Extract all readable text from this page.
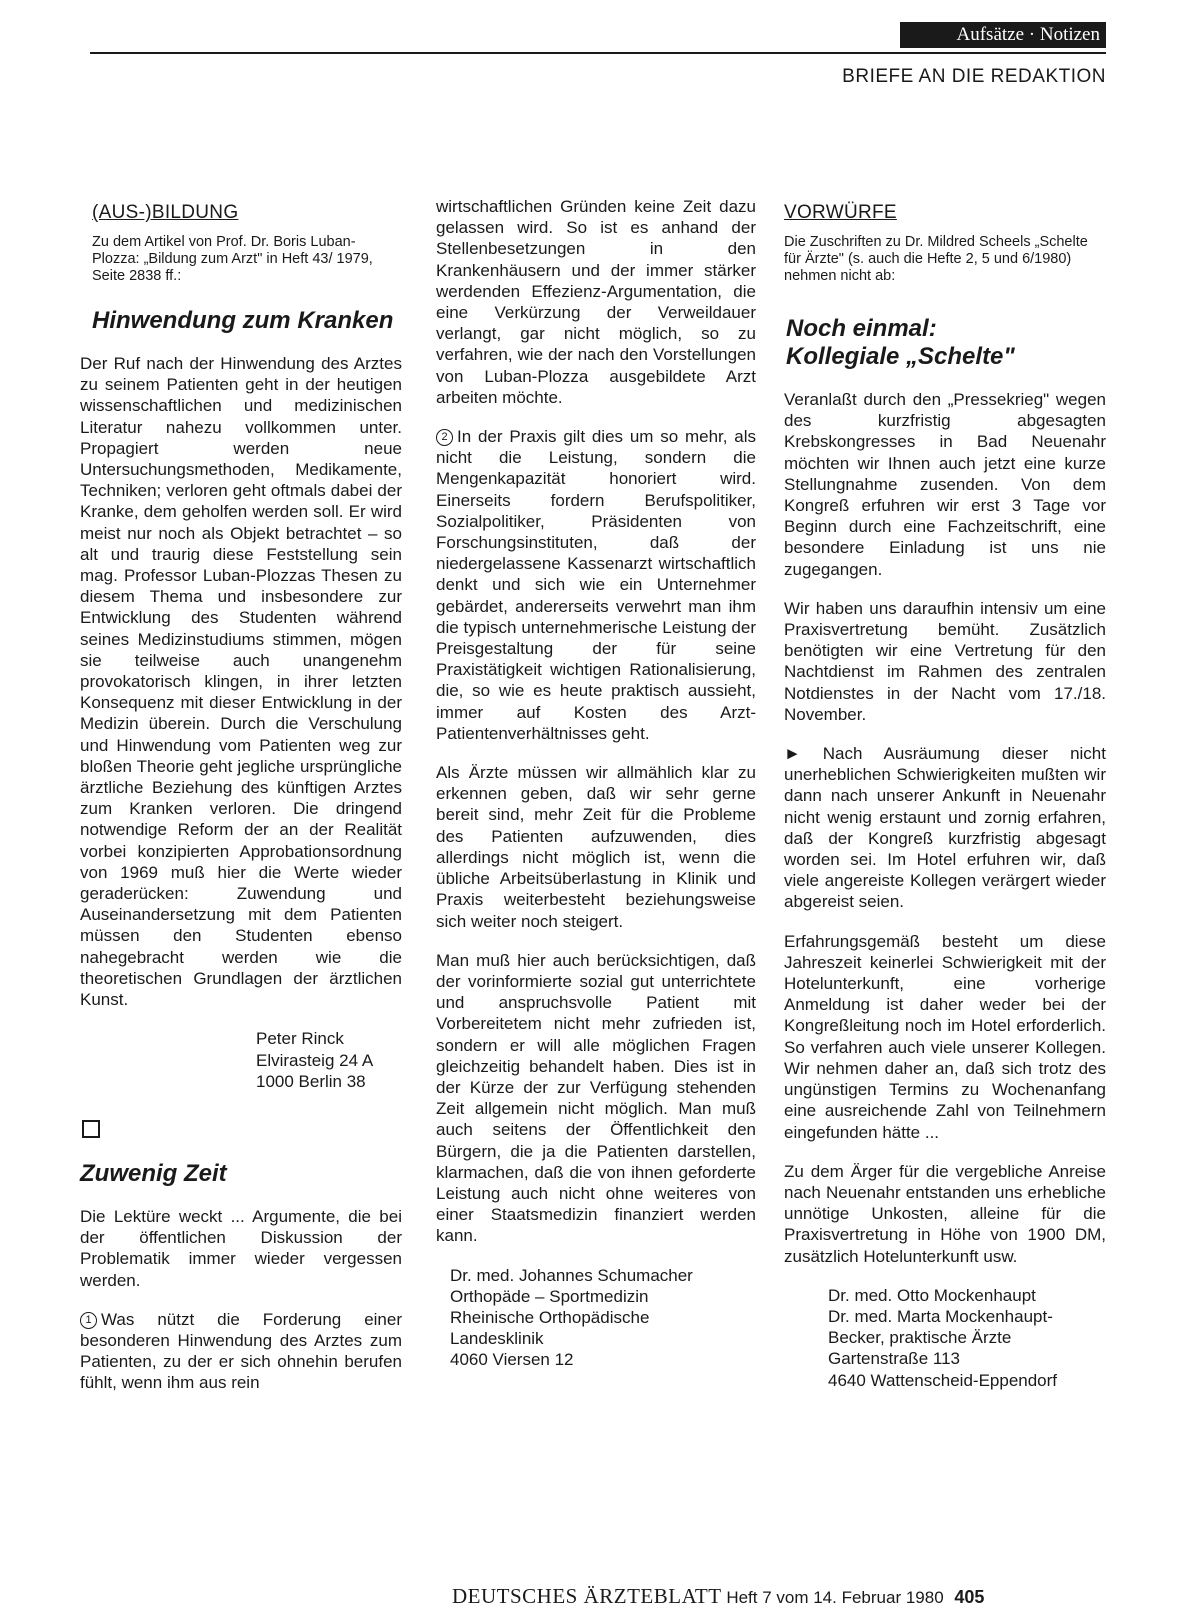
Aufsätze · Notizen
BRIEFE AN DIE REDAKTION
(AUS-)BILDUNG
Zu dem Artikel von Prof. Dr. Boris Luban-Plozza: „Bildung zum Arzt" in Heft 43/ 1979, Seite 2838 ff.:
Hinwendung zum Kranken

Der Ruf nach der Hinwendung des Arztes zu seinem Patienten geht in der heutigen wissenschaftlichen und medizinischen Literatur nahezu vollkommen unter. Propagiert werden neue Untersuchungsmethoden, Medikamente, Techniken; verloren geht oftmals dabei der Kranke, dem geholfen werden soll. Er wird meist nur noch als Objekt betrachtet – so alt und traurig diese Feststellung sein mag. Professor Luban-Plozzas Thesen zu diesem Thema und insbesondere zur Entwicklung des Studenten während seines Medizinstudiums stimmen, mögen sie teilweise auch unangenehm provokatorisch klingen, in ihrer letzten Konsequenz mit dieser Entwicklung in der Medizin überein. Durch die Verschulung und Hinwendung vom Patienten weg zur bloßen Theorie geht jegliche ursprüngliche ärztliche Beziehung des künftigen Arztes zum Kranken verloren. Die dringend notwendige Reform der an der Realität vorbei konzipierten Approbationsordnung von 1969 muß hier die Werte wieder geraderücken: Zuwendung und Auseinandersetzung mit dem Patienten müssen den Studenten ebenso nahegebracht werden wie die theoretischen Grundlagen der ärztlichen Kunst.

Peter Rinck
Elvirasteig 24 A
1000 Berlin 38
Zuwenig Zeit

Die Lektüre weckt ... Argumente, die bei der öffentlichen Diskussion der Problematik immer wieder vergessen werden.

1 Was nützt die Forderung einer besonderen Hinwendung des Arztes zum Patienten, zu der er sich ohnehin berufen fühlt, wenn ihm aus rein

wirtschaftlichen Gründen keine Zeit dazu gelassen wird. So ist es anhand der Stellenbesetzungen in den Krankenhäusern und der immer stärker werdenden Effezienz-Argumentation, die eine Verkürzung der Verweildauer verlangt, gar nicht möglich, so zu verfahren, wie der nach den Vorstellungen von Luban-Plozza ausgebildete Arzt arbeiten möchte.

2 In der Praxis gilt dies um so mehr, als nicht die Leistung, sondern die Mengenkapazität honoriert wird. Einerseits fordern Berufspolitiker, Sozialpolitiker, Präsidenten von Forschungsinstituten, daß der niedergelassene Kassenarzt wirtschaftlich denkt und sich wie ein Unternehmer gebärdet, andererseits verwehrt man ihm die typisch unternehmerische Leistung der Preisgestaltung der für seine Praxistätigkeit wichtigen Rationalisierung, die, so wie es heute praktisch aussieht, immer auf Kosten des Arzt-Patientenverhältnisses geht.

Als Ärzte müssen wir allmählich klar zu erkennen geben, daß wir sehr gerne bereit sind, mehr Zeit für die Probleme des Patienten aufzuwenden, dies allerdings nicht möglich ist, wenn die übliche Arbeitsüberlastung in Klinik und Praxis weiterbesteht beziehungsweise sich weiter noch steigert.

Man muß hier auch berücksichtigen, daß der vorinformierte sozial gut unterrichtete und anspruchsvolle Patient mit Vorbereitetem nicht mehr zufrieden ist, sondern er will alle möglichen Fragen gleichzeitig behandelt haben. Dies ist in der Kürze der zur Verfügung stehenden Zeit allgemein nicht möglich. Man muß auch seitens der Öffentlichkeit den Bürgern, die ja die Patienten darstellen, klarmachen, daß die von ihnen geforderte Leistung auch nicht ohne weiteres von einer Staatsmedizin finanziert werden kann.

Dr. med. Johannes Schumacher
Orthopäde – Sportmedizin
Rheinische Orthopädische
Landesklinik
4060 Viersen 12
VORWÜRFE
Die Zuschriften zu Dr. Mildred Scheels „Schelte für Ärzte" (s. auch die Hefte 2, 5 und 6/1980) nehmen nicht ab:
Noch einmal:
Kollegiale „Schelte"

Veranlaßt durch den „Pressekrieg" wegen des kurzfristig abgesagten Krebskongresses in Bad Neuenahr möchten wir Ihnen auch jetzt eine kurze Stellungnahme zusenden. Von dem Kongreß erfuhren wir erst 3 Tage vor Beginn durch eine Fachzeitschrift, eine besondere Einladung ist uns nie zugegangen.

Wir haben uns daraufhin intensiv um eine Praxisvertretung bemüht. Zusätzlich benötigten wir eine Vertretung für den Nachtdienst im Rahmen des zentralen Notdienstes in der Nacht vom 17./18. November.

► Nach Ausräumung dieser nicht unerheblichen Schwierigkeiten mußten wir dann nach unserer Ankunft in Neuenahr nicht wenig erstaunt und zornig erfahren, daß der Kongreß kurzfristig abgesagt worden sei. Im Hotel erfuhren wir, daß viele angereiste Kollegen verärgert wieder abgereist seien.

Erfahrungsgemäß besteht um diese Jahreszeit keinerlei Schwierigkeit mit der Hotelunterkunft, eine vorherige Anmeldung ist daher weder bei der Kongreßleitung noch im Hotel erforderlich. So verfahren auch viele unserer Kollegen. Wir nehmen daher an, daß sich trotz des ungünstigen Termins zu Wochenanfang eine ausreichende Zahl von Teilnehmern eingefunden hätte ...

Zu dem Ärger für die vergebliche Anreise nach Neuenahr entstanden uns erhebliche unnötige Unkosten, alleine für die Praxisvertretung in Höhe von 1900 DM, zusätzlich Hotelunterkunft usw.

Dr. med. Otto Mockenhaupt
Dr. med. Marta Mockenhaupt-
Becker, praktische Ärzte
Gartenstraße 113
4640 Wattenscheid-Eppendorf
DEUTSCHES ÄRZTEBLATT Heft 7 vom 14. Februar 1980 405
